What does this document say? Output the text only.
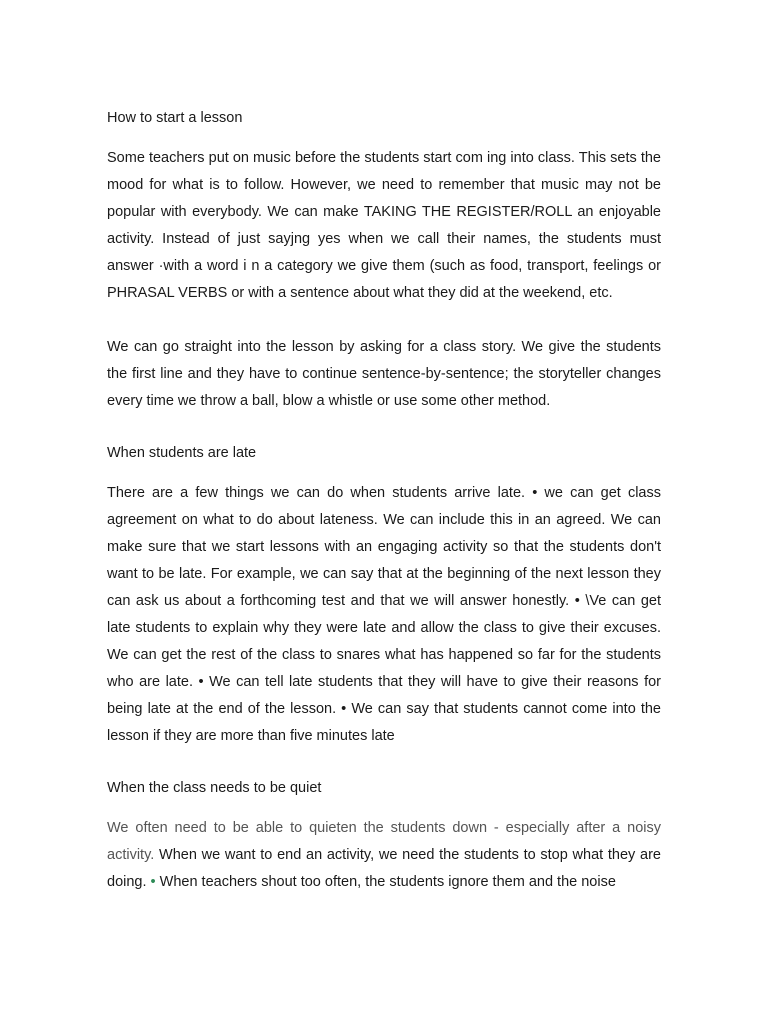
How to start a lesson

Some teachers put on music before the students start com ing into class. This sets the mood for what is to follow. However, we need to remember that music may not be popular with everybody. We can make TAKING THE REGISTER/ROLL an enjoyable activity. Instead of just sayjng yes when we call their names, the students must answer ·with a word i n a category we give them (such as food, transport, feelings or PHRASAL VERBS or with a sentence about what they did at the weekend, etc.

We can go straight into the lesson by asking for a class story. We give the students the first line and they have to continue sentence-by-sentence; the storyteller changes every time we throw a ball, blow a whistle or use some other method.

When students are late

There are a few things we can do when students arrive late. • we can get class agreement on what to do about lateness. We can include this in an agreed. We can make sure that we start lessons with an engaging activity so that the students don't want to be late. For example, we can say that at the beginning of the next lesson they can ask us about a forthcoming test and that we will answer honestly. • \Ve can get late students to explain why they were late and allow the class to give their excuses. We can get the rest of the class to snares what has happened so far for the students who are late. • We can tell late students that they will have to give their reasons for being late at the end of the lesson. • We can say that students cannot come into the lesson if they are more than five minutes late

When the class needs to be quiet

We often need to be able to quieten the students down - especially after a noisy activity. When we want to end an activity, we need the students to stop what they are doing. • When teachers shout too often, the students ignore them and the noise
